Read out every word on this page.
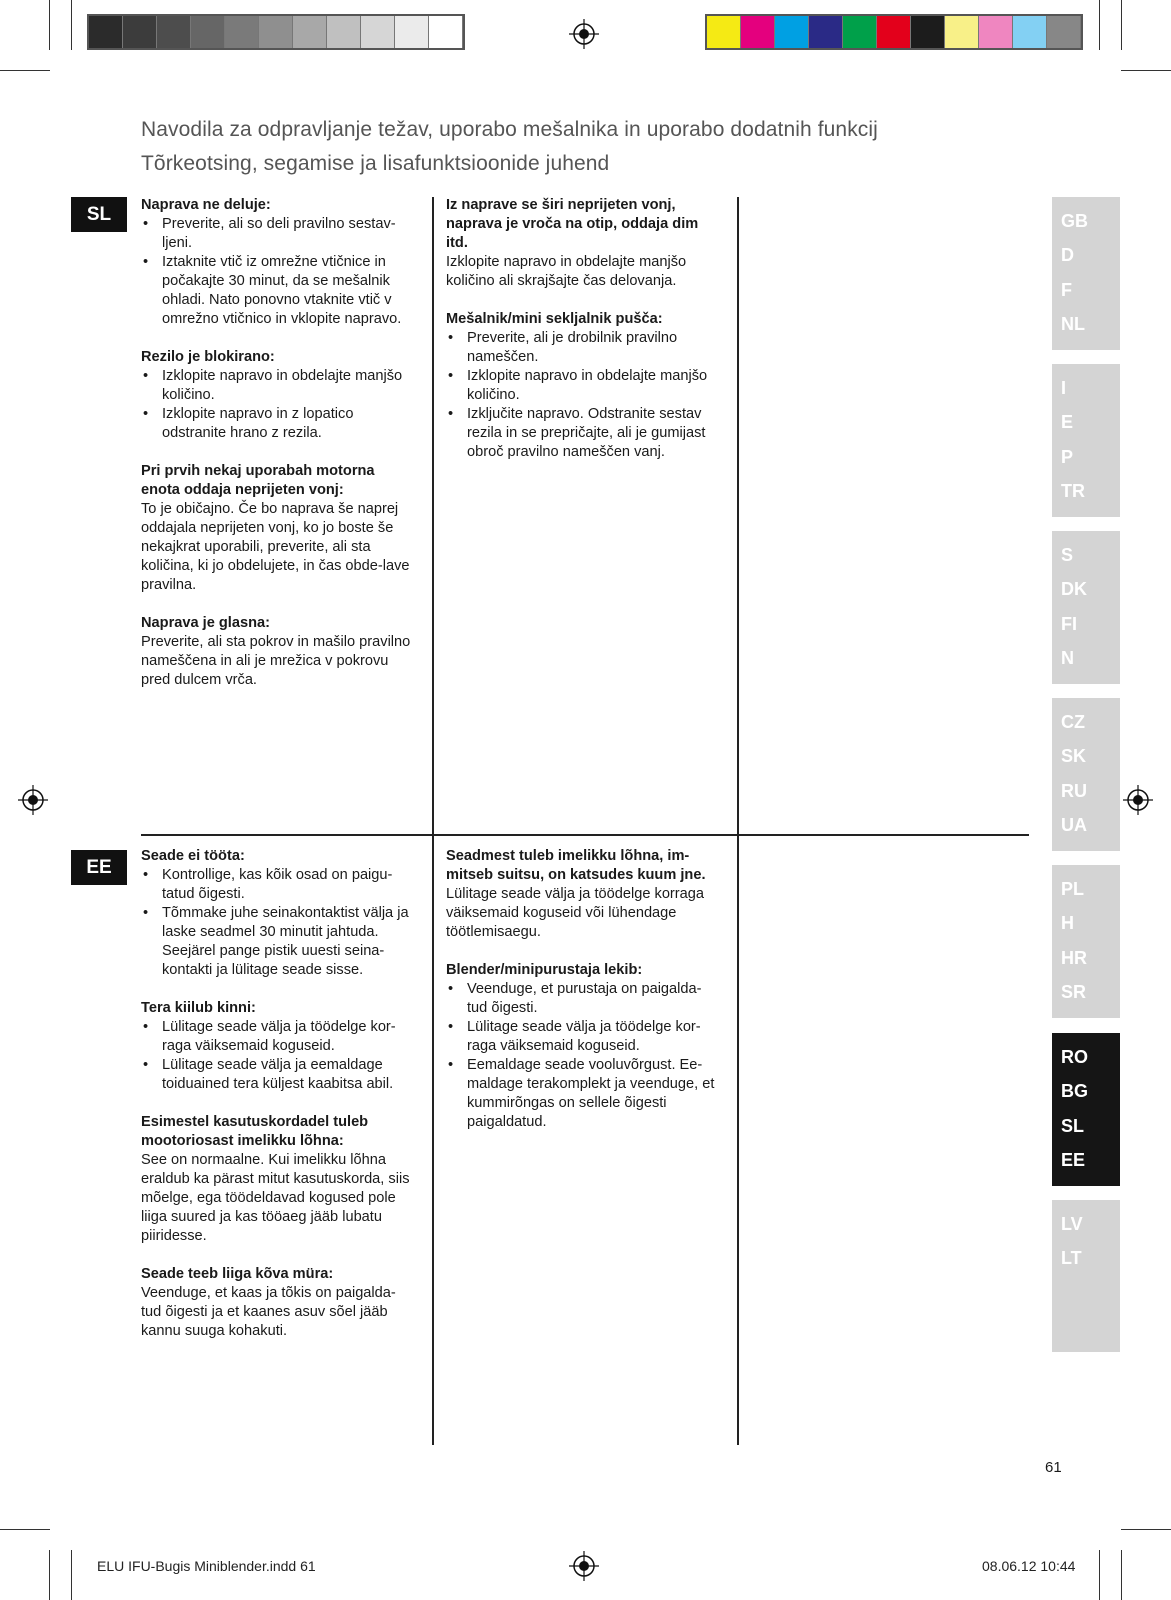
Navodila za odpravljanje težav, uporabo mešalnika in uporabo dodatnih funkcij
Tõrkeotsing, segamise ja lisafunktsioonide juhend
SL
EE

Naprava ne deluje:

• Preverite, ali so deli pravilno sestav-ljeni.
• Iztaknite vtič iz omrežne vtičnice in počakajte 30 minut, da se mešalnik ohladi. Nato ponovno vtaknite vtič v omrežno vtičnico in vklopite napravo.

Rezilo je blokirano:

• Izklopite napravo in obdelajte manjšo količino.
• Izklopite napravo in z lopatico odstranite hrano z rezila.

Pri prvih nekaj uporabah motorna enota oddaja neprijeten vonj:

To je običajno. Če bo naprava še naprej oddajala neprijeten vonj, ko jo boste še nekajkrat uporabili, preverite, ali sta količina, ki jo obdelujete, in čas obde-lave pravilna.

Naprava je glasna:

Preverite, ali sta pokrov in mašilo pravilno nameščena in ali je mrežica v pokrovu pred dulcem vrča.

Iz naprave se širi neprijeten vonj, naprava je vroča na otip, oddaja dim itd.

Izklopite napravo in obdelajte manjšo količino ali skrajšajte čas delovanja.

Mešalnik/mini sekljalnik pušča:

• Preverite, ali je drobilnik pravilno nameščen.
• Izklopite napravo in obdelajte manjšo količino.
• Izključite napravo. Odstranite sestav rezila in se prepričajte, ali je gumijast obroč pravilno nameščen vanj.

Seade ei tööta:

• Kontrollige, kas kõik osad on paigu-tatud õigesti.
• Tõmmake juhe seinakontaktist välja ja laske seadmel 30 minutit jahtuda. Seejärel pange pistik uuesti seina-kontakti ja lülitage seade sisse.

Tera kiilub kinni:

• Lülitage seade välja ja töödelge kor-raga väiksemaid koguseid.
• Lülitage seade välja ja eemaldage toiduained tera küljest kaabitsa abil.

Esimestel kasutuskordadel tuleb mootoriosast imelikku lõhna:

See on normaalne. Kui imelikku lõhna eraldub ka pärast mitut kasutuskorda, siis mõelge, ega töödeldavad kogused pole liiga suured ja kas tööaeg jääb lubatu piiridesse.

Seade teeb liiga kõva müra:

Veenduge, et kaas ja tõkis on paigalda-tud õigesti ja et kaanes asuv sõel jääb kannu suuga kohakuti.

Seadmest tuleb imelikku lõhna, im-mitseb suitsu, on katsudes kuum jne.

Lülitage seade välja ja töödelge korraga väiksemaid koguseid või lühendage töötlemisaegu.

Blender/minipurustaja lekib:

• Veenduge, et purustaja on paigalda-tud õigesti.
• Lülitage seade välja ja töödelge kor-raga väiksemaid koguseid.
• Eemaldage seade vooluvõrgust. Ee-maldage terakomplekt ja veenduge, et kummirõngas on sellele õigesti paigaldatud.
GB
D
F
NL
I
E
P
TR
S
DK
FI
N
CZ
SK
RU
UA
PL
H
HR
SR
RO
BG
SL
EE
LV
LT
61
ELU IFU-Bugis Miniblender.indd 61	08.06.12 10:44
